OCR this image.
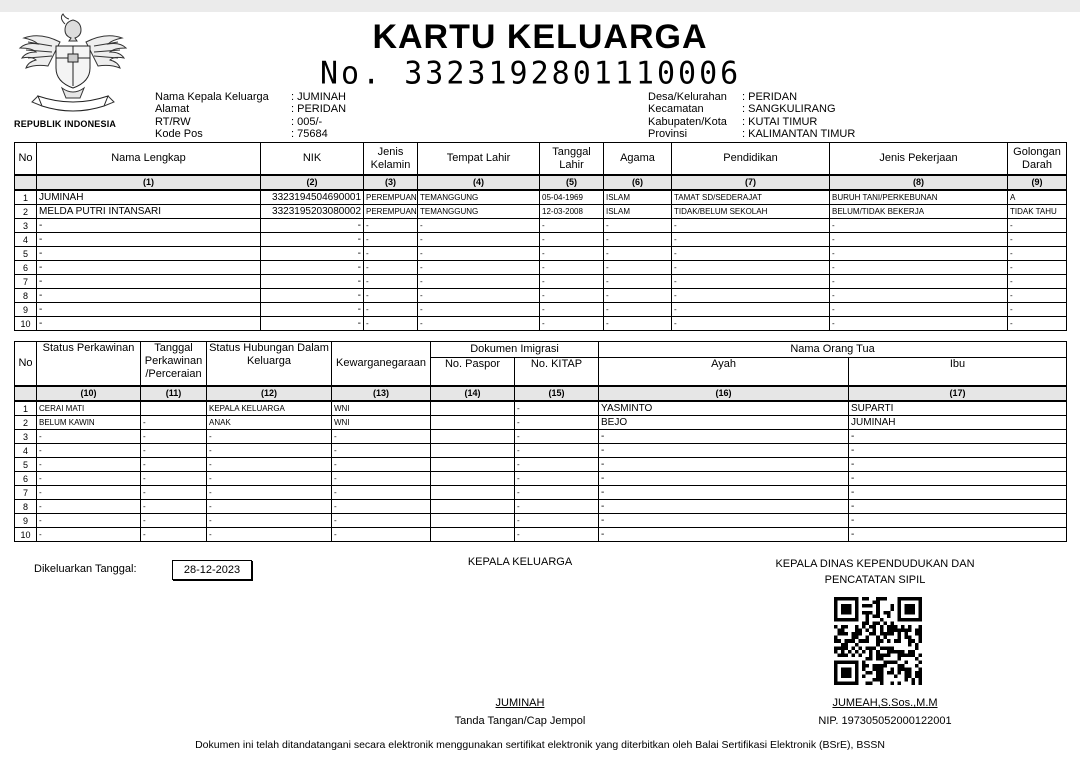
REPUBLIK INDONESIA
KARTU KELUARGA
No. 3323192801110006
Nama Kepala Keluarga : JUMINAH
Alamat	: PERIDAN
RT/RW	: 005/-
Kode Pos	: 75684
Desa/Kelurahan : PERIDAN
Kecamatan	: SANGKULIRANG
Kabupaten/Kota : KUTAI TIMUR
Provinsi	: KALIMANTAN TIMUR
No	Nama Lengkap	NIK	Jenis Kelamin	Tempat Lahir	Tanggal Lahir	Agama	Pendidikan	Jenis Pekerjaan	Golongan Darah
	(1)	(2)	(3)	(4)	(5)	(6)	(7)	(8)	(9)
1	JUMINAH	3323194504690001	PEREMPUAN	TEMANGGUNG	05-04-1969	ISLAM	TAMAT SD/SEDERAJAT	BURUH TANI/PERKEBUNAN	A
2	MELDA PUTRI INTANSARI	3323195203080002	PEREMPUAN	TEMANGGUNG	12-03-2008	ISLAM	TIDAK/BELUM SEKOLAH	BELUM/TIDAK BEKERJA	TIDAK TAHU
3	-	-	-	-	-	-	-	-	-
4	-	-	-	-	-	-	-	-	-
5	-	-	-	-	-	-	-	-	-
6	-	-	-	-	-	-	-	-	-
7	-	-	-	-	-	-	-	-	-
8	-	-	-	-	-	-	-	-	-
9	-	-	-	-	-	-	-	-	-
10	-	-	-	-	-	-	-	-	-
No	Status Perkawinan	Tanggal Perkawinan /Perceraian	Status Hubungan Dalam Keluarga	Kewarganegaraan	Dokumen Imigrasi		Nama Orang Tua	
					No. Paspor	No. KITAP	Ayah	Ibu
	(10)	(11)	(12)	(13)	(14)	(15)	(16)	(17)
1	CERAI MATI		KEPALA KELUARGA	WNI		-	YASMINTO	SUPARTI
2	BELUM KAWIN	-	ANAK	WNI		-	BEJO	JUMINAH
3	-	-	-	-		-	-	-
4	-	-	-	-		-	-	-
5	-	-	-	-		-	-	-
6	-	-	-	-		-	-	-
7	-	-	-	-		-	-	-
8	-	-	-	-		-	-	-
9	-	-	-	-		-	-	-
10	-	-	-	-		-	-	-
Dikeluarkan Tanggal:	28-12-2023
KEPALA KELUARGA	KEPALA DINAS KEPENDUDUKAN DAN
PENCATATAN SIPIL
JUMINAH
Tanda Tangan/Cap Jempol
JUMEAH,S.Sos.,M.M
NIP. 197305052000122001
Dokumen ini telah ditandatangani secara elektronik menggunakan sertifikat elektronik yang diterbitkan oleh Balai Sertifikasi Elektronik (BSrE), BSSN
